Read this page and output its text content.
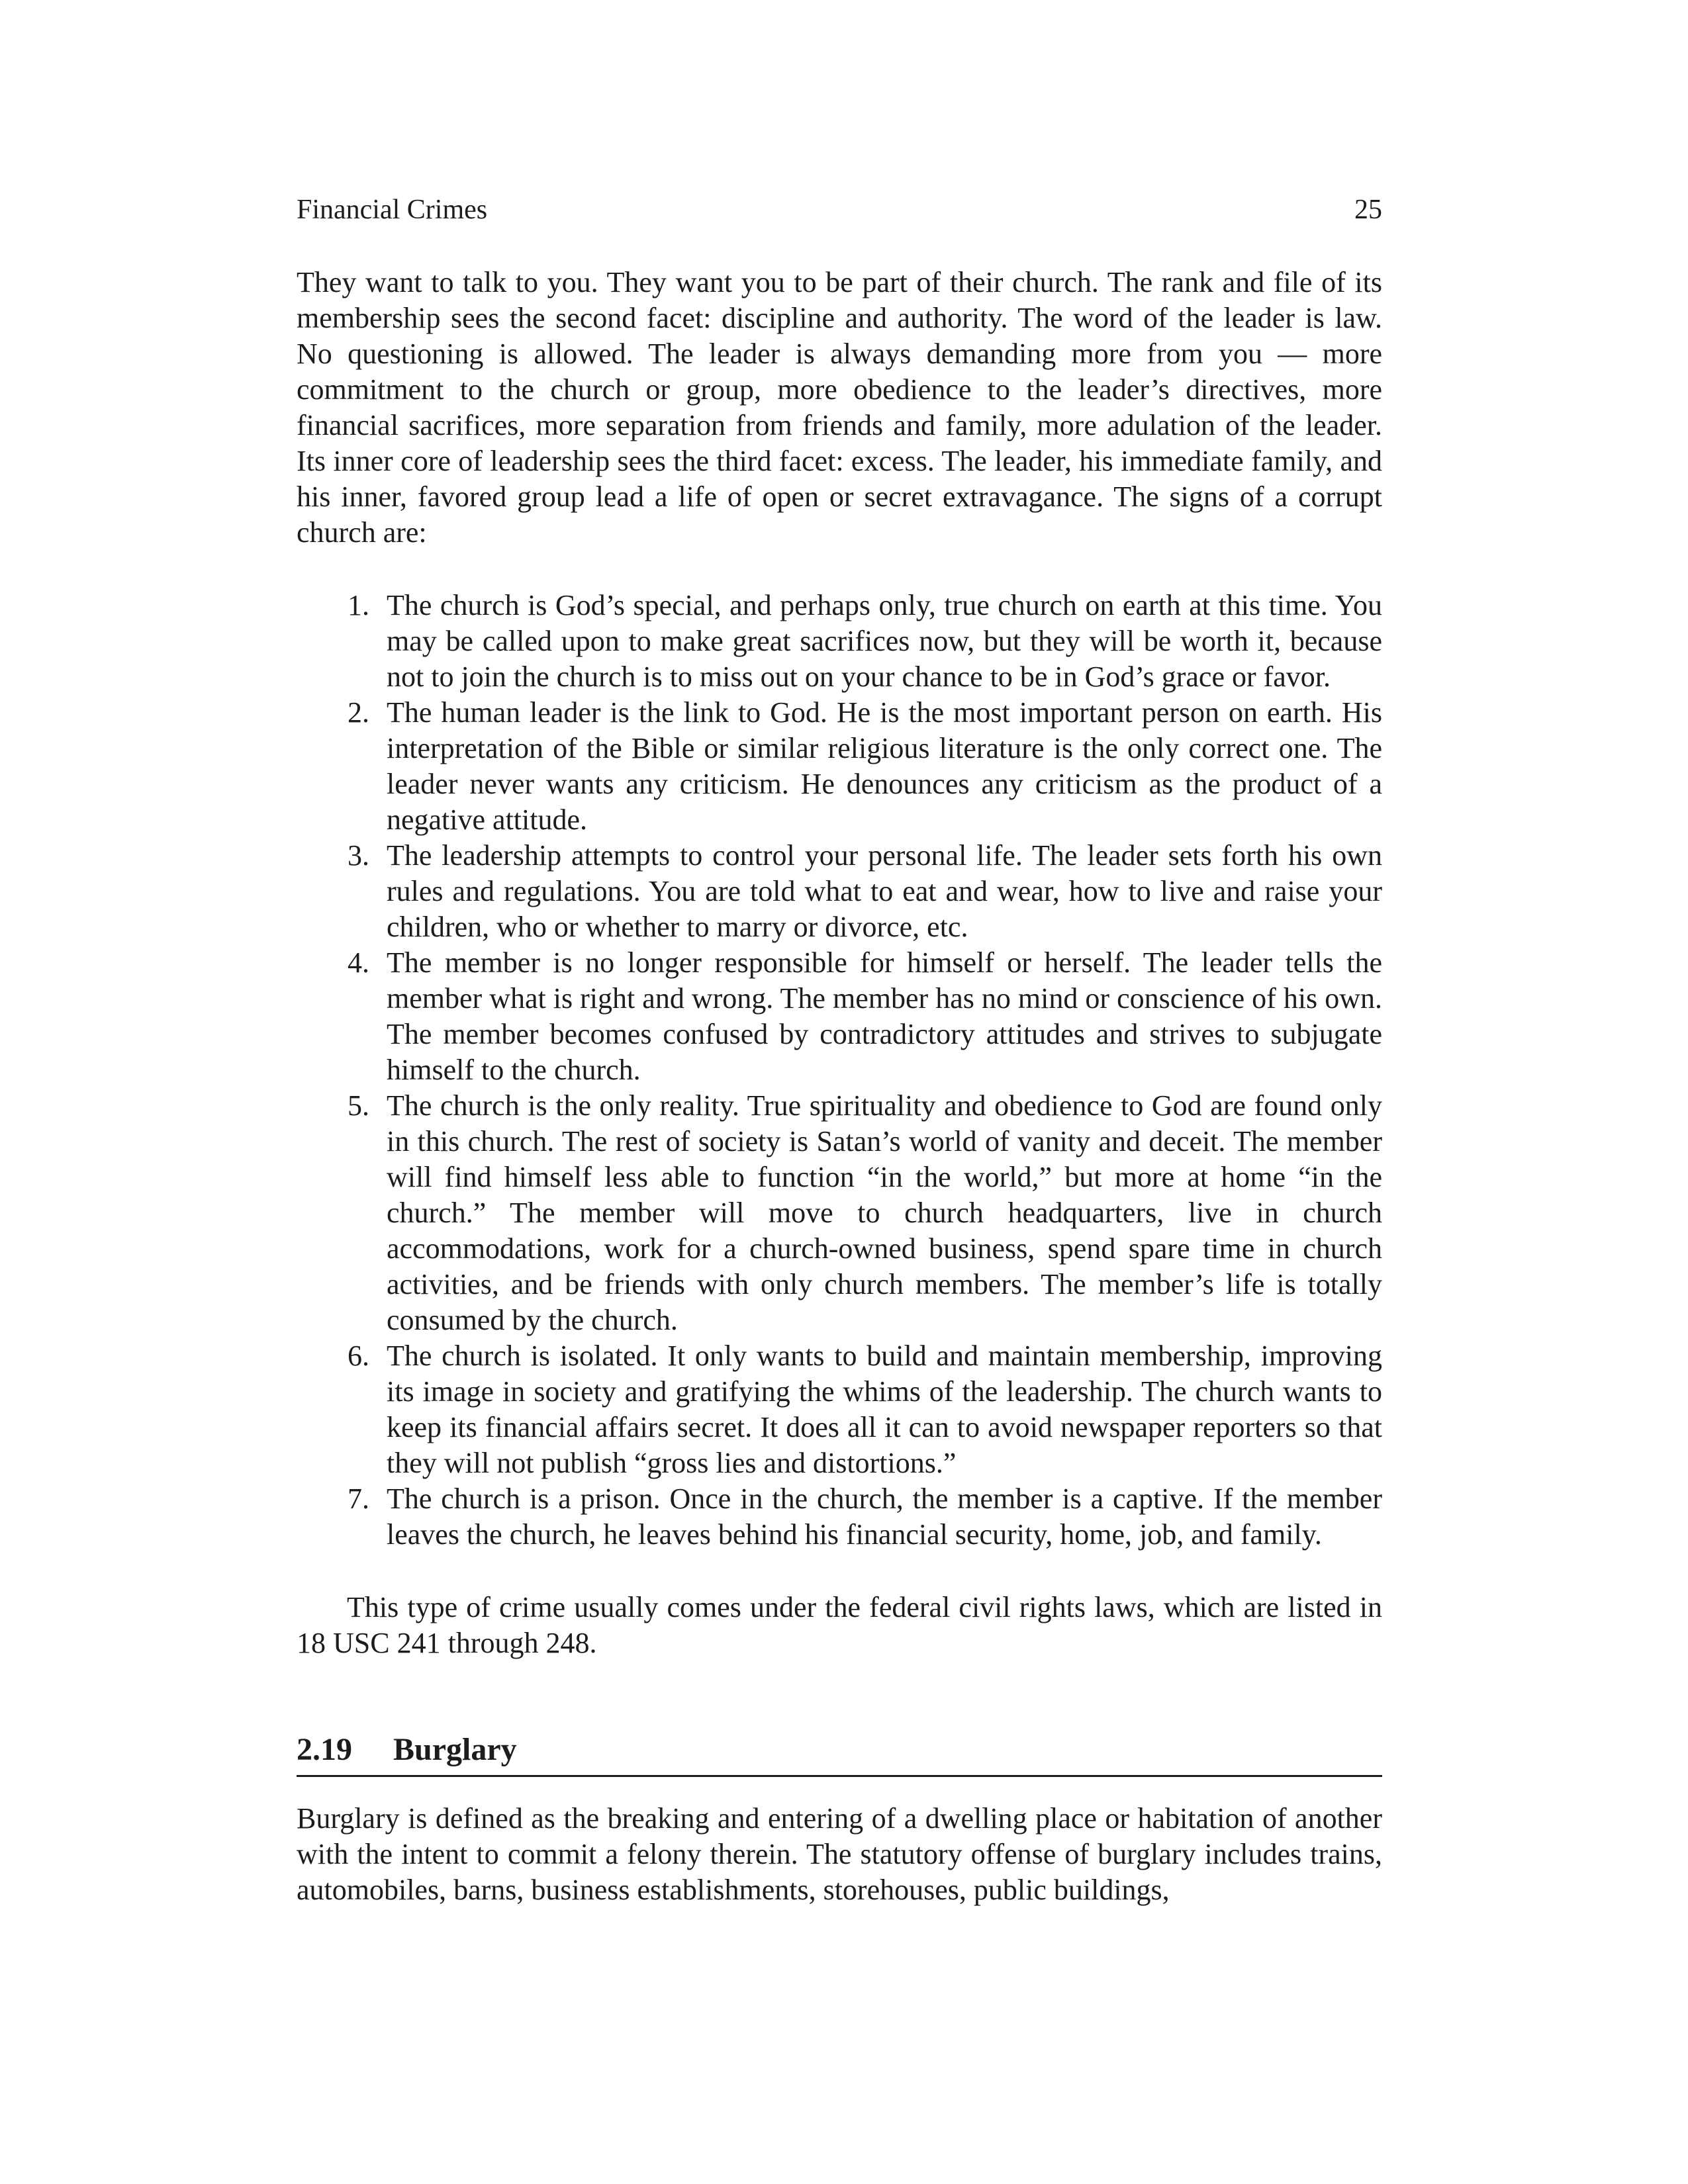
Financial Crimes	25

They want to talk to you. They want you to be part of their church. The rank and file of its membership sees the second facet: discipline and authority. The word of the leader is law. No questioning is allowed. The leader is always demanding more from you — more commitment to the church or group, more obedience to the leader’s directives, more financial sacrifices, more separation from friends and family, more adulation of the leader. Its inner core of leadership sees the third facet: excess. The leader, his immediate family, and his inner, favored group lead a life of open or secret extravagance. The signs of a corrupt church are:

1. The church is God’s special, and perhaps only, true church on earth at this time. You may be called upon to make great sacrifices now, but they will be worth it, because not to join the church is to miss out on your chance to be in God’s grace or favor.
2. The human leader is the link to God. He is the most important person on earth. His interpretation of the Bible or similar religious literature is the only correct one. The leader never wants any criticism. He denounces any criticism as the product of a negative attitude.
3. The leadership attempts to control your personal life. The leader sets forth his own rules and regulations. You are told what to eat and wear, how to live and raise your children, who or whether to marry or divorce, etc.
4. The member is no longer responsible for himself or herself. The leader tells the member what is right and wrong. The member has no mind or conscience of his own. The member becomes confused by contradictory attitudes and strives to subjugate himself to the church.
5. The church is the only reality. True spirituality and obedience to God are found only in this church. The rest of society is Satan’s world of vanity and deceit. The member will find himself less able to function “in the world,” but more at home “in the church.” The member will move to church headquarters, live in church accommodations, work for a church-owned business, spend spare time in church activities, and be friends with only church members. The member’s life is totally consumed by the church.
6. The church is isolated. It only wants to build and maintain membership, improving its image in society and gratifying the whims of the leadership. The church wants to keep its financial affairs secret. It does all it can to avoid newspaper reporters so that they will not publish “gross lies and distortions.”
7. The church is a prison. Once in the church, the member is a captive. If the member leaves the church, he leaves behind his financial security, home, job, and family.

This type of crime usually comes under the federal civil rights laws, which are listed in 18 USC 241 through 248.

2.19 Burglary

Burglary is defined as the breaking and entering of a dwelling place or habitation of another with the intent to commit a felony therein. The statutory offense of burglary includes trains, automobiles, barns, business establishments, storehouses, public buildings,
